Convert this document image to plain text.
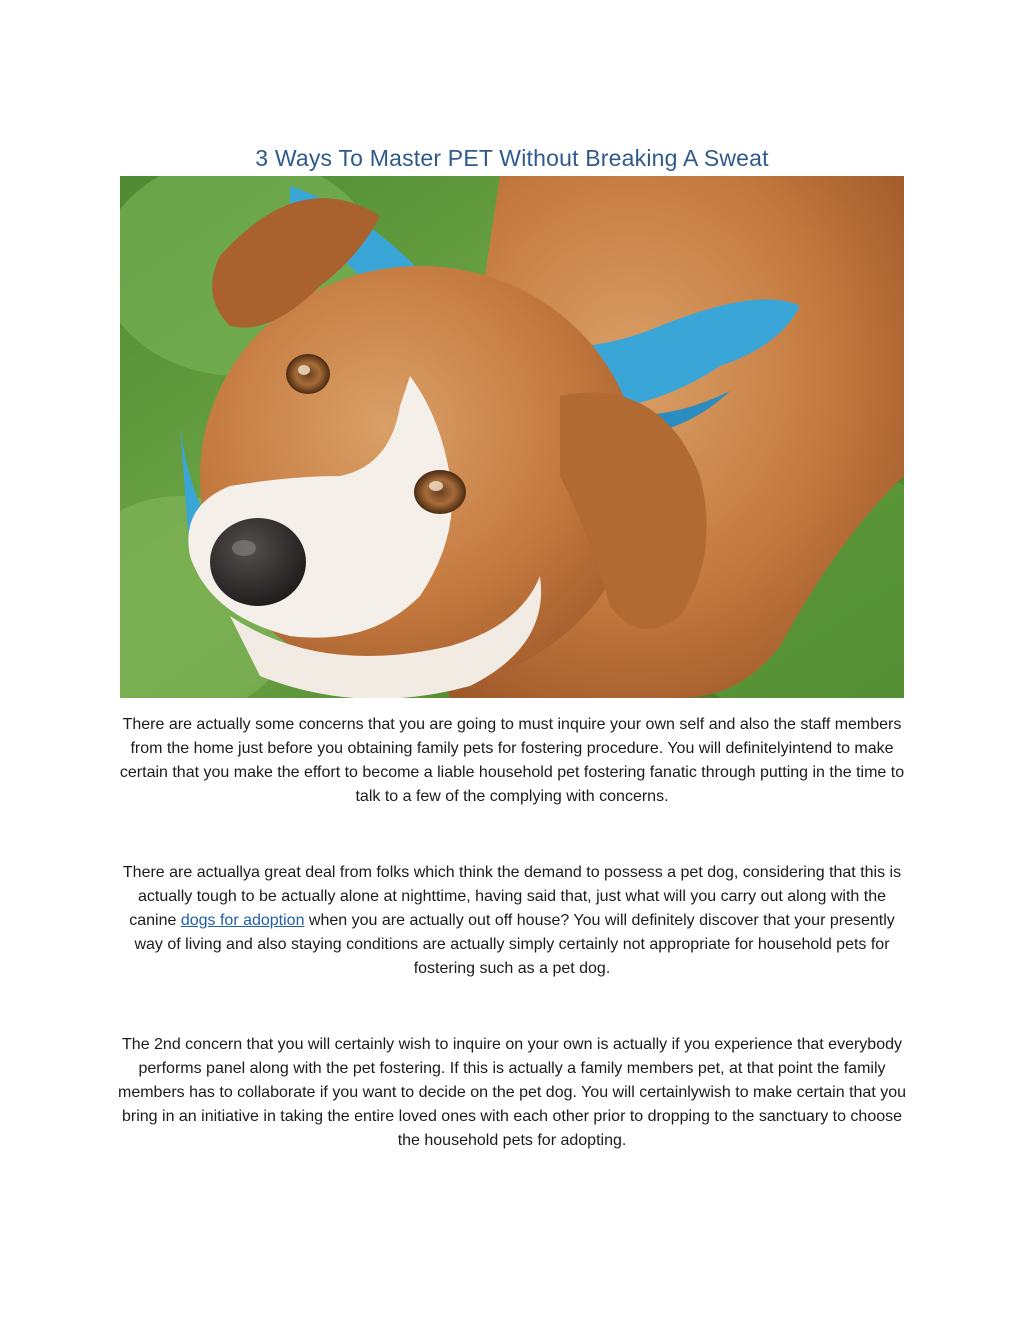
3 Ways To Master PET Without Breaking A Sweat
There are actually some concerns that you are going to must inquire your own self and also the staff members from the home just before you obtaining family pets for fostering procedure. You will definitelyintend to make certain that you make the effort to become a liable household pet fostering fanatic through putting in the time to talk to a few of the complying with concerns.
There are actuallya great deal from folks which think the demand to possess a pet dog, considering that this is actually tough to be actually alone at nighttime, having said that, just what will you carry out along with the canine dogs for adoption when you are actually out off house? You will definitely discover that your presently way of living and also staying conditions are actually simply certainly not appropriate for household pets for fostering such as a pet dog.
The 2nd concern that you will certainly wish to inquire on your own is actually if you experience that everybody performs panel along with the pet fostering. If this is actually a family members pet, at that point the family members has to collaborate if you want to decide on the pet dog. You will certainlywish to make certain that you bring in an initiative in taking the entire loved ones with each other prior to dropping to the sanctuary to choose the household pets for adopting.
